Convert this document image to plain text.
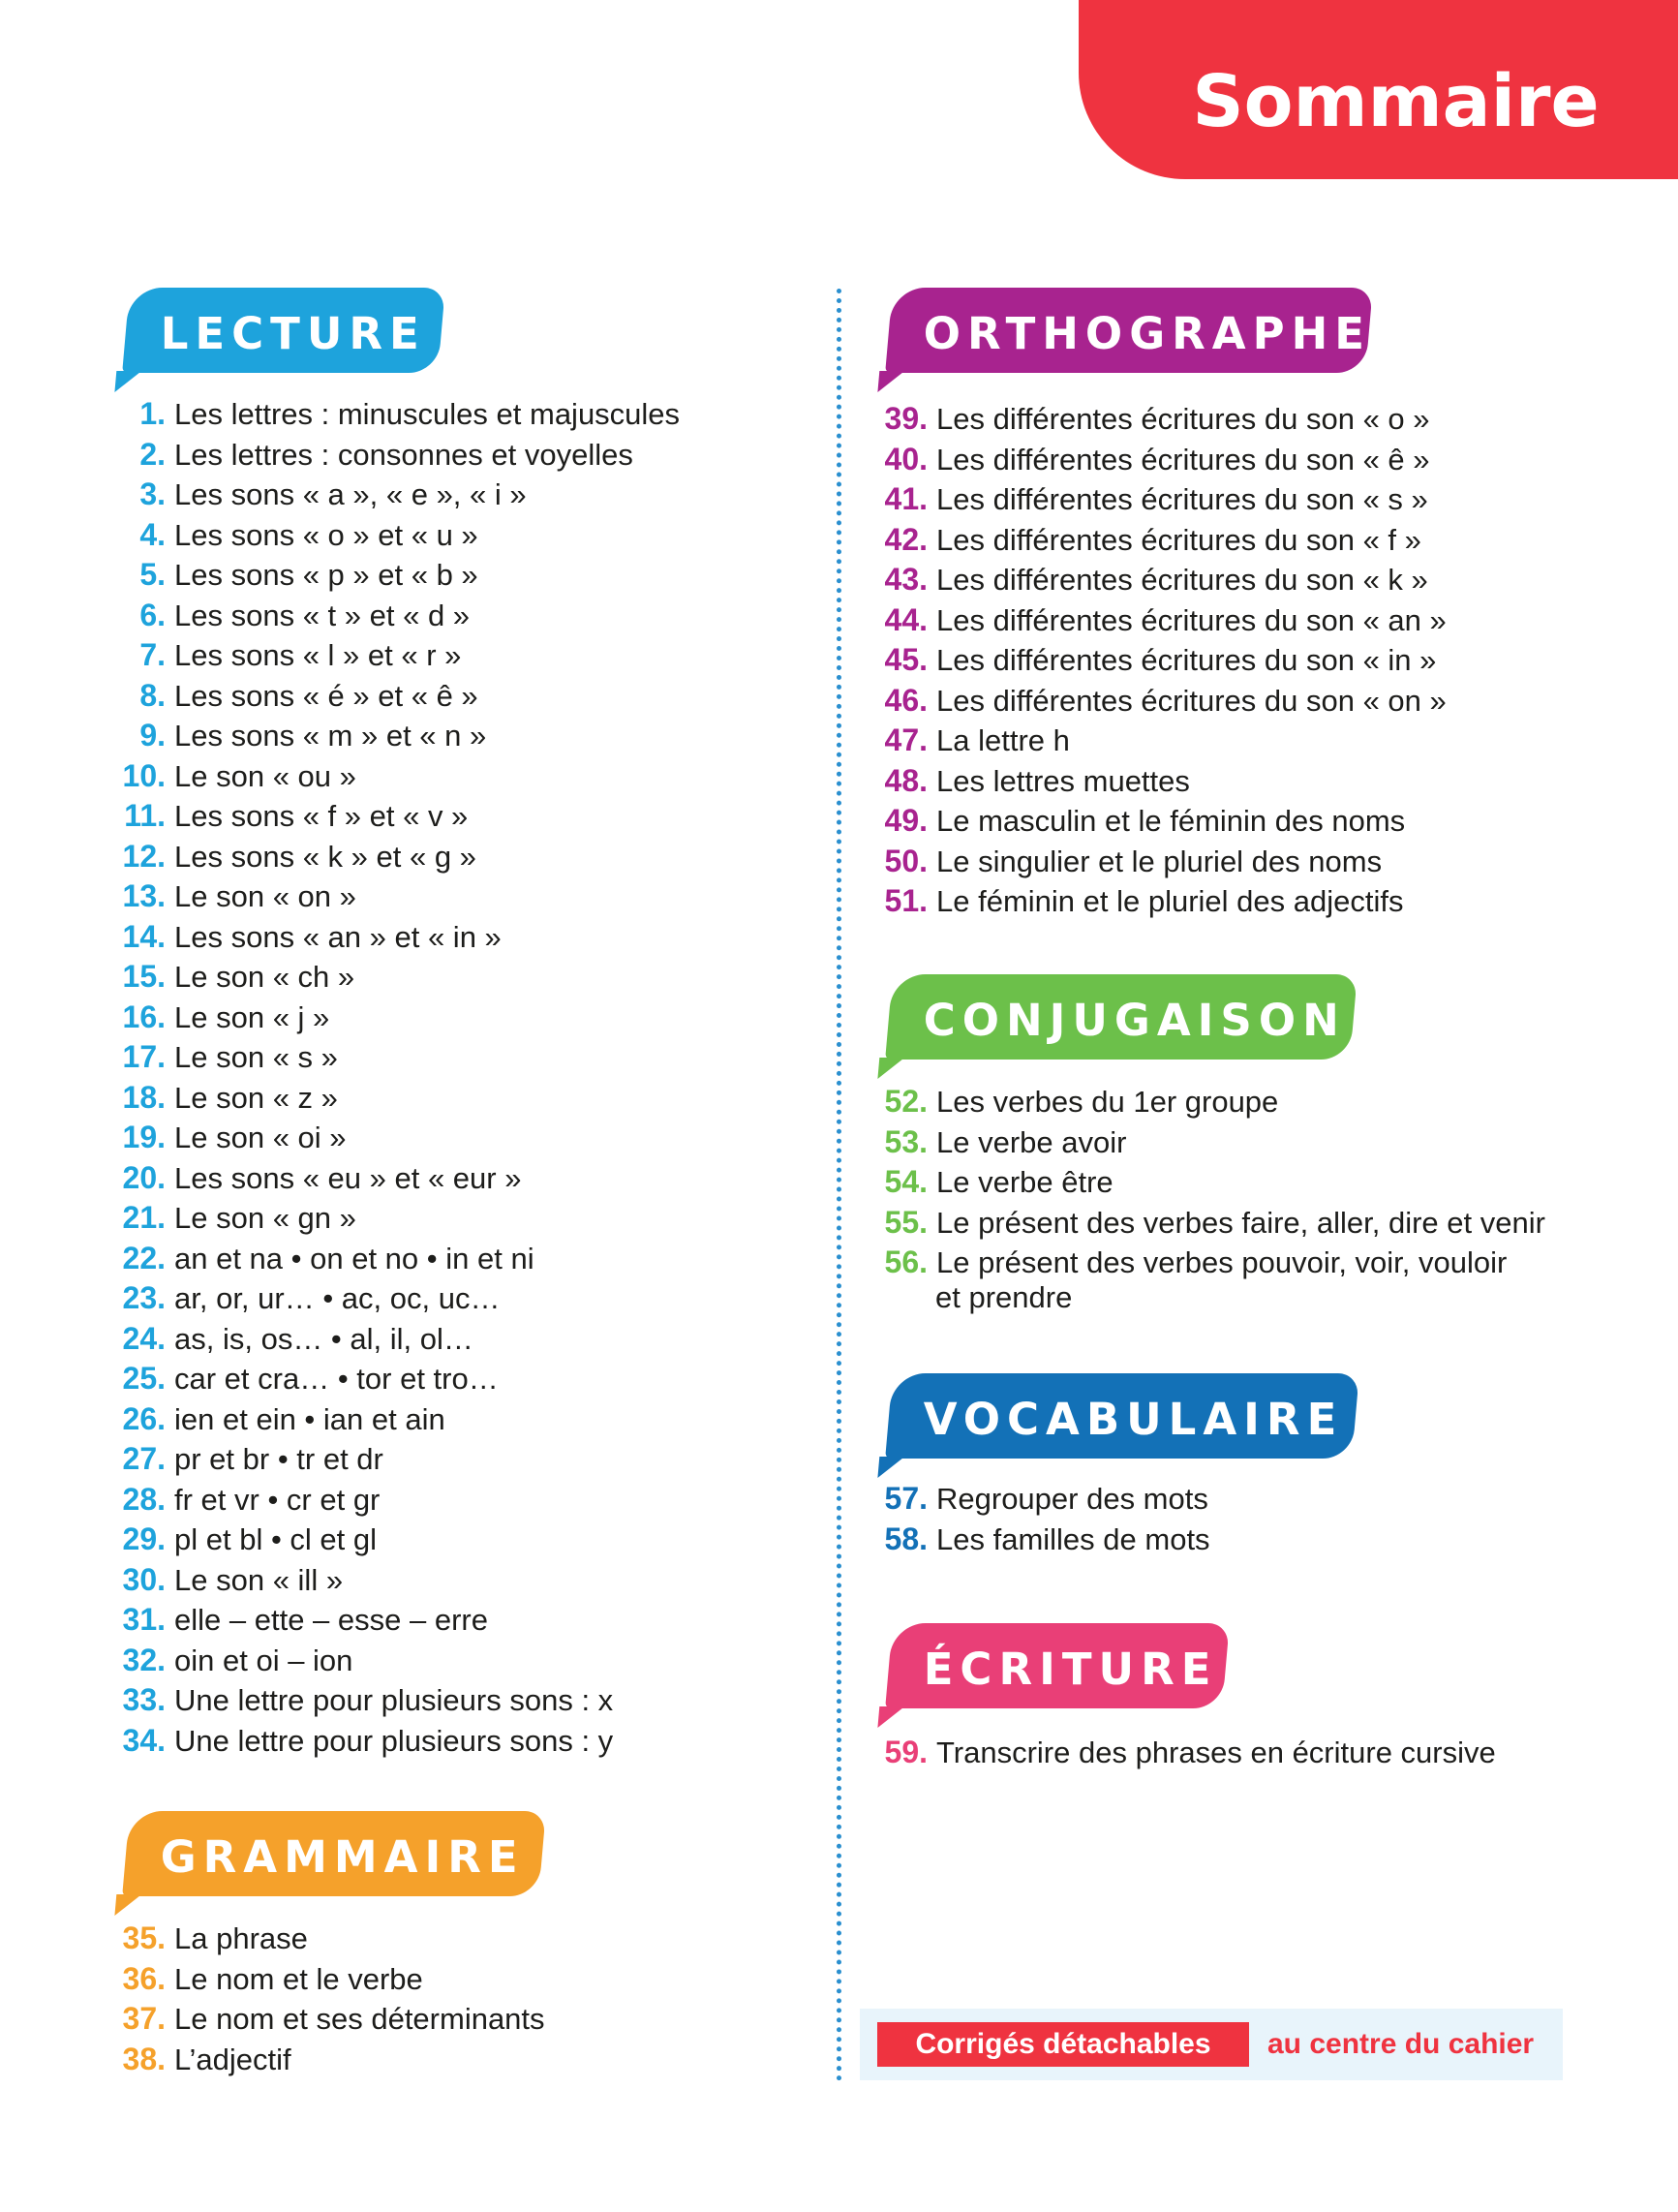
Sommaire
LECTURE
GRAMMAIRE
ORTHOGRAPHE
CONJUGAISON
VOCABULAIRE
ÉCRITURE
1. Les lettres : minuscules et majuscules
2. Les lettres : consonnes et voyelles
3. Les sons « a », « e », « i »
4. Les sons « o » et « u »
5. Les sons « p » et « b »
6. Les sons « t » et « d »
7. Les sons « l » et « r »
8. Les sons « é » et « ê »
9. Les sons « m » et « n »
10. Le son « ou »
11. Les sons « f » et « v »
12. Les sons « k » et « g »
13. Le son « on »
14. Les sons « an » et « in »
15. Le son « ch »
16. Le son « j »
17. Le son « s »
18. Le son « z »
19. Le son « oi »
20. Les sons « eu » et « eur »
21. Le son « gn »
22. an et na • on et no • in et ni
23. ar, or, ur… • ac, oc, uc…
24. as, is, os… • al, il, ol…
25. car et cra… • tor et tro…
26. ien et ein • ian et ain
27. pr et br • tr et dr
28. fr et vr • cr et gr
29. pl et bl • cl et gl
30. Le son « ill »
31. elle – ette – esse – erre
32. oin et oi – ion
33. Une lettre pour plusieurs sons : x
34. Une lettre pour plusieurs sons : y
35. La phrase
36. Le nom et le verbe
37. Le nom et ses déterminants
38. L’adjectif
39. Les différentes écritures du son « o »
40. Les différentes écritures du son « ê »
41. Les différentes écritures du son « s »
42. Les différentes écritures du son « f »
43. Les différentes écritures du son « k »
44. Les différentes écritures du son « an »
45. Les différentes écritures du son « in »
46. Les différentes écritures du son « on »
47. La lettre h
48. Les lettres muettes
49. Le masculin et le féminin des noms
50. Le singulier et le pluriel des noms
51. Le féminin et le pluriel des adjectifs
52. Les verbes du 1er groupe
53. Le verbe avoir
54. Le verbe être
55. Le présent des verbes faire, aller, dire et venir
56. Le présent des verbes pouvoir, voir, vouloir
et prendre
57. Regrouper des mots
58. Les familles de mots
59. Transcrire des phrases en écriture cursive
Corrigés détachables	au centre du cahier
